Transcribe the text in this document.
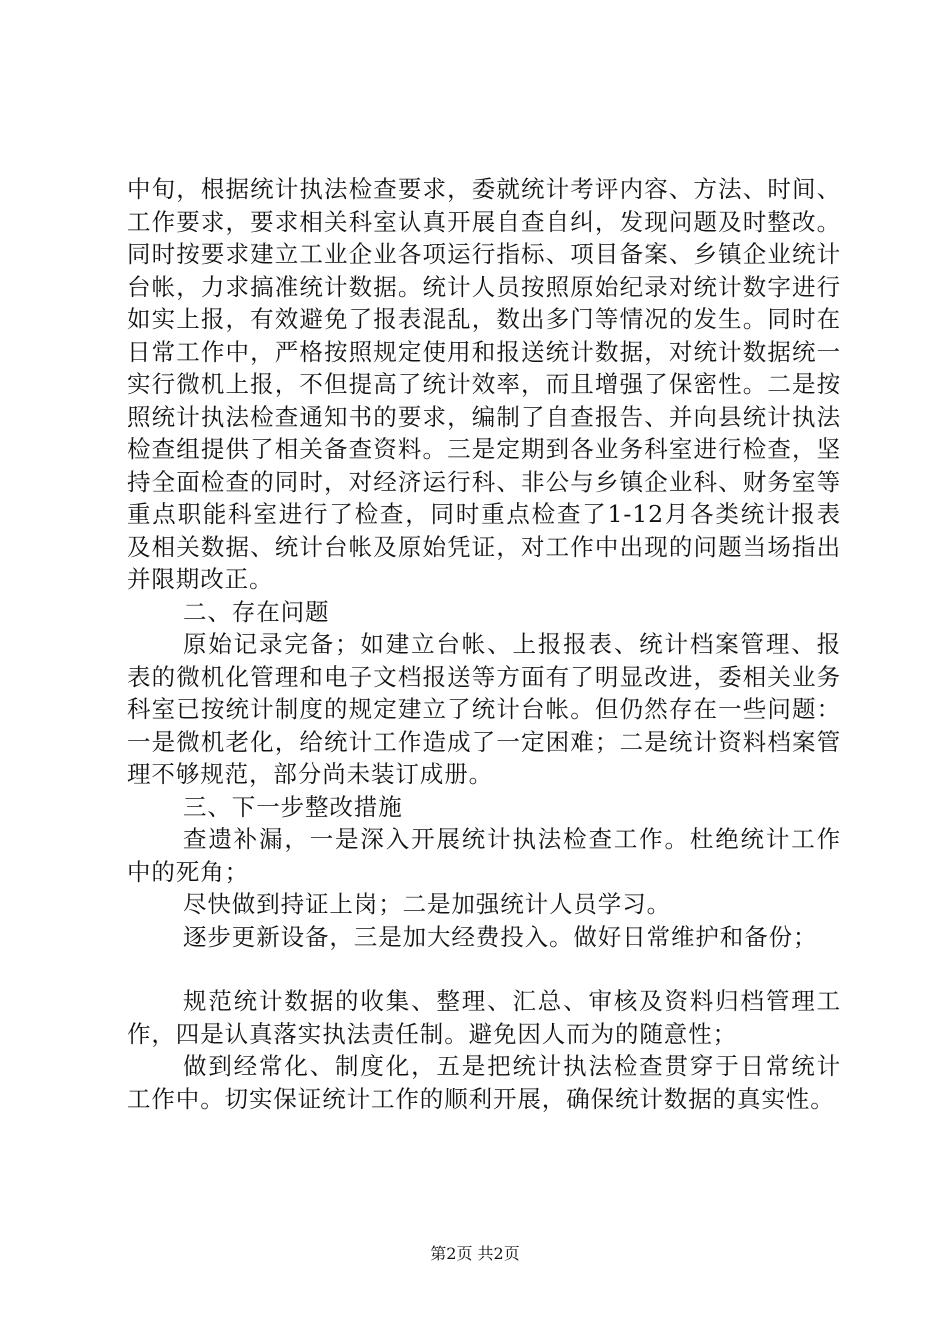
中旬，根据统计执法检查要求，委就统计考评内容、方法、时间、工作要求，要求相关科室认真开展自查自纠，发现问题及时整改。同时按要求建立工业企业各项运行指标、项目备案、乡镇企业统计台帐，力求搞准统计数据。统计人员按照原始纪录对统计数字进行如实上报，有效避免了报表混乱，数出多门等情况的发生。同时在日常工作中，严格按照规定使用和报送统计数据，对统计数据统一实行微机上报，不但提高了统计效率，而且增强了保密性。二是按照统计执法检查通知书的要求，编制了自查报告、并向县统计执法检查组提供了相关备查资料。三是定期到各业务科室进行检查，坚持全面检查的同时，对经济运行科、非公与乡镇企业科、财务室等重点职能科室进行了检查，同时重点检查了1-12月各类统计报表及相关数据、统计台帐及原始凭证，对工作中出现的问题当场指出并限期改正。

二、存在问题

原始记录完备；如建立台帐、上报报表、统计档案管理、报表的微机化管理和电子文档报送等方面有了明显改进，委相关业务科室已按统计制度的规定建立了统计台帐。但仍然存在一些问题：一是微机老化，给统计工作造成了一定困难；二是统计资料档案管理不够规范，部分尚未装订成册。

三、下一步整改措施

查遗补漏，一是深入开展统计执法检查工作。杜绝统计工作中的死角；

尽快做到持证上岗；二是加强统计人员学习。

逐步更新设备，三是加大经费投入。做好日常维护和备份；

规范统计数据的收集、整理、汇总、审核及资料归档管理工作，四是认真落实执法责任制。避免因人而为的随意性；

做到经常化、制度化，五是把统计执法检查贯穿于日常统计工作中。切实保证统计工作的顺利开展，确保统计数据的真实性。

第2页 共2页
